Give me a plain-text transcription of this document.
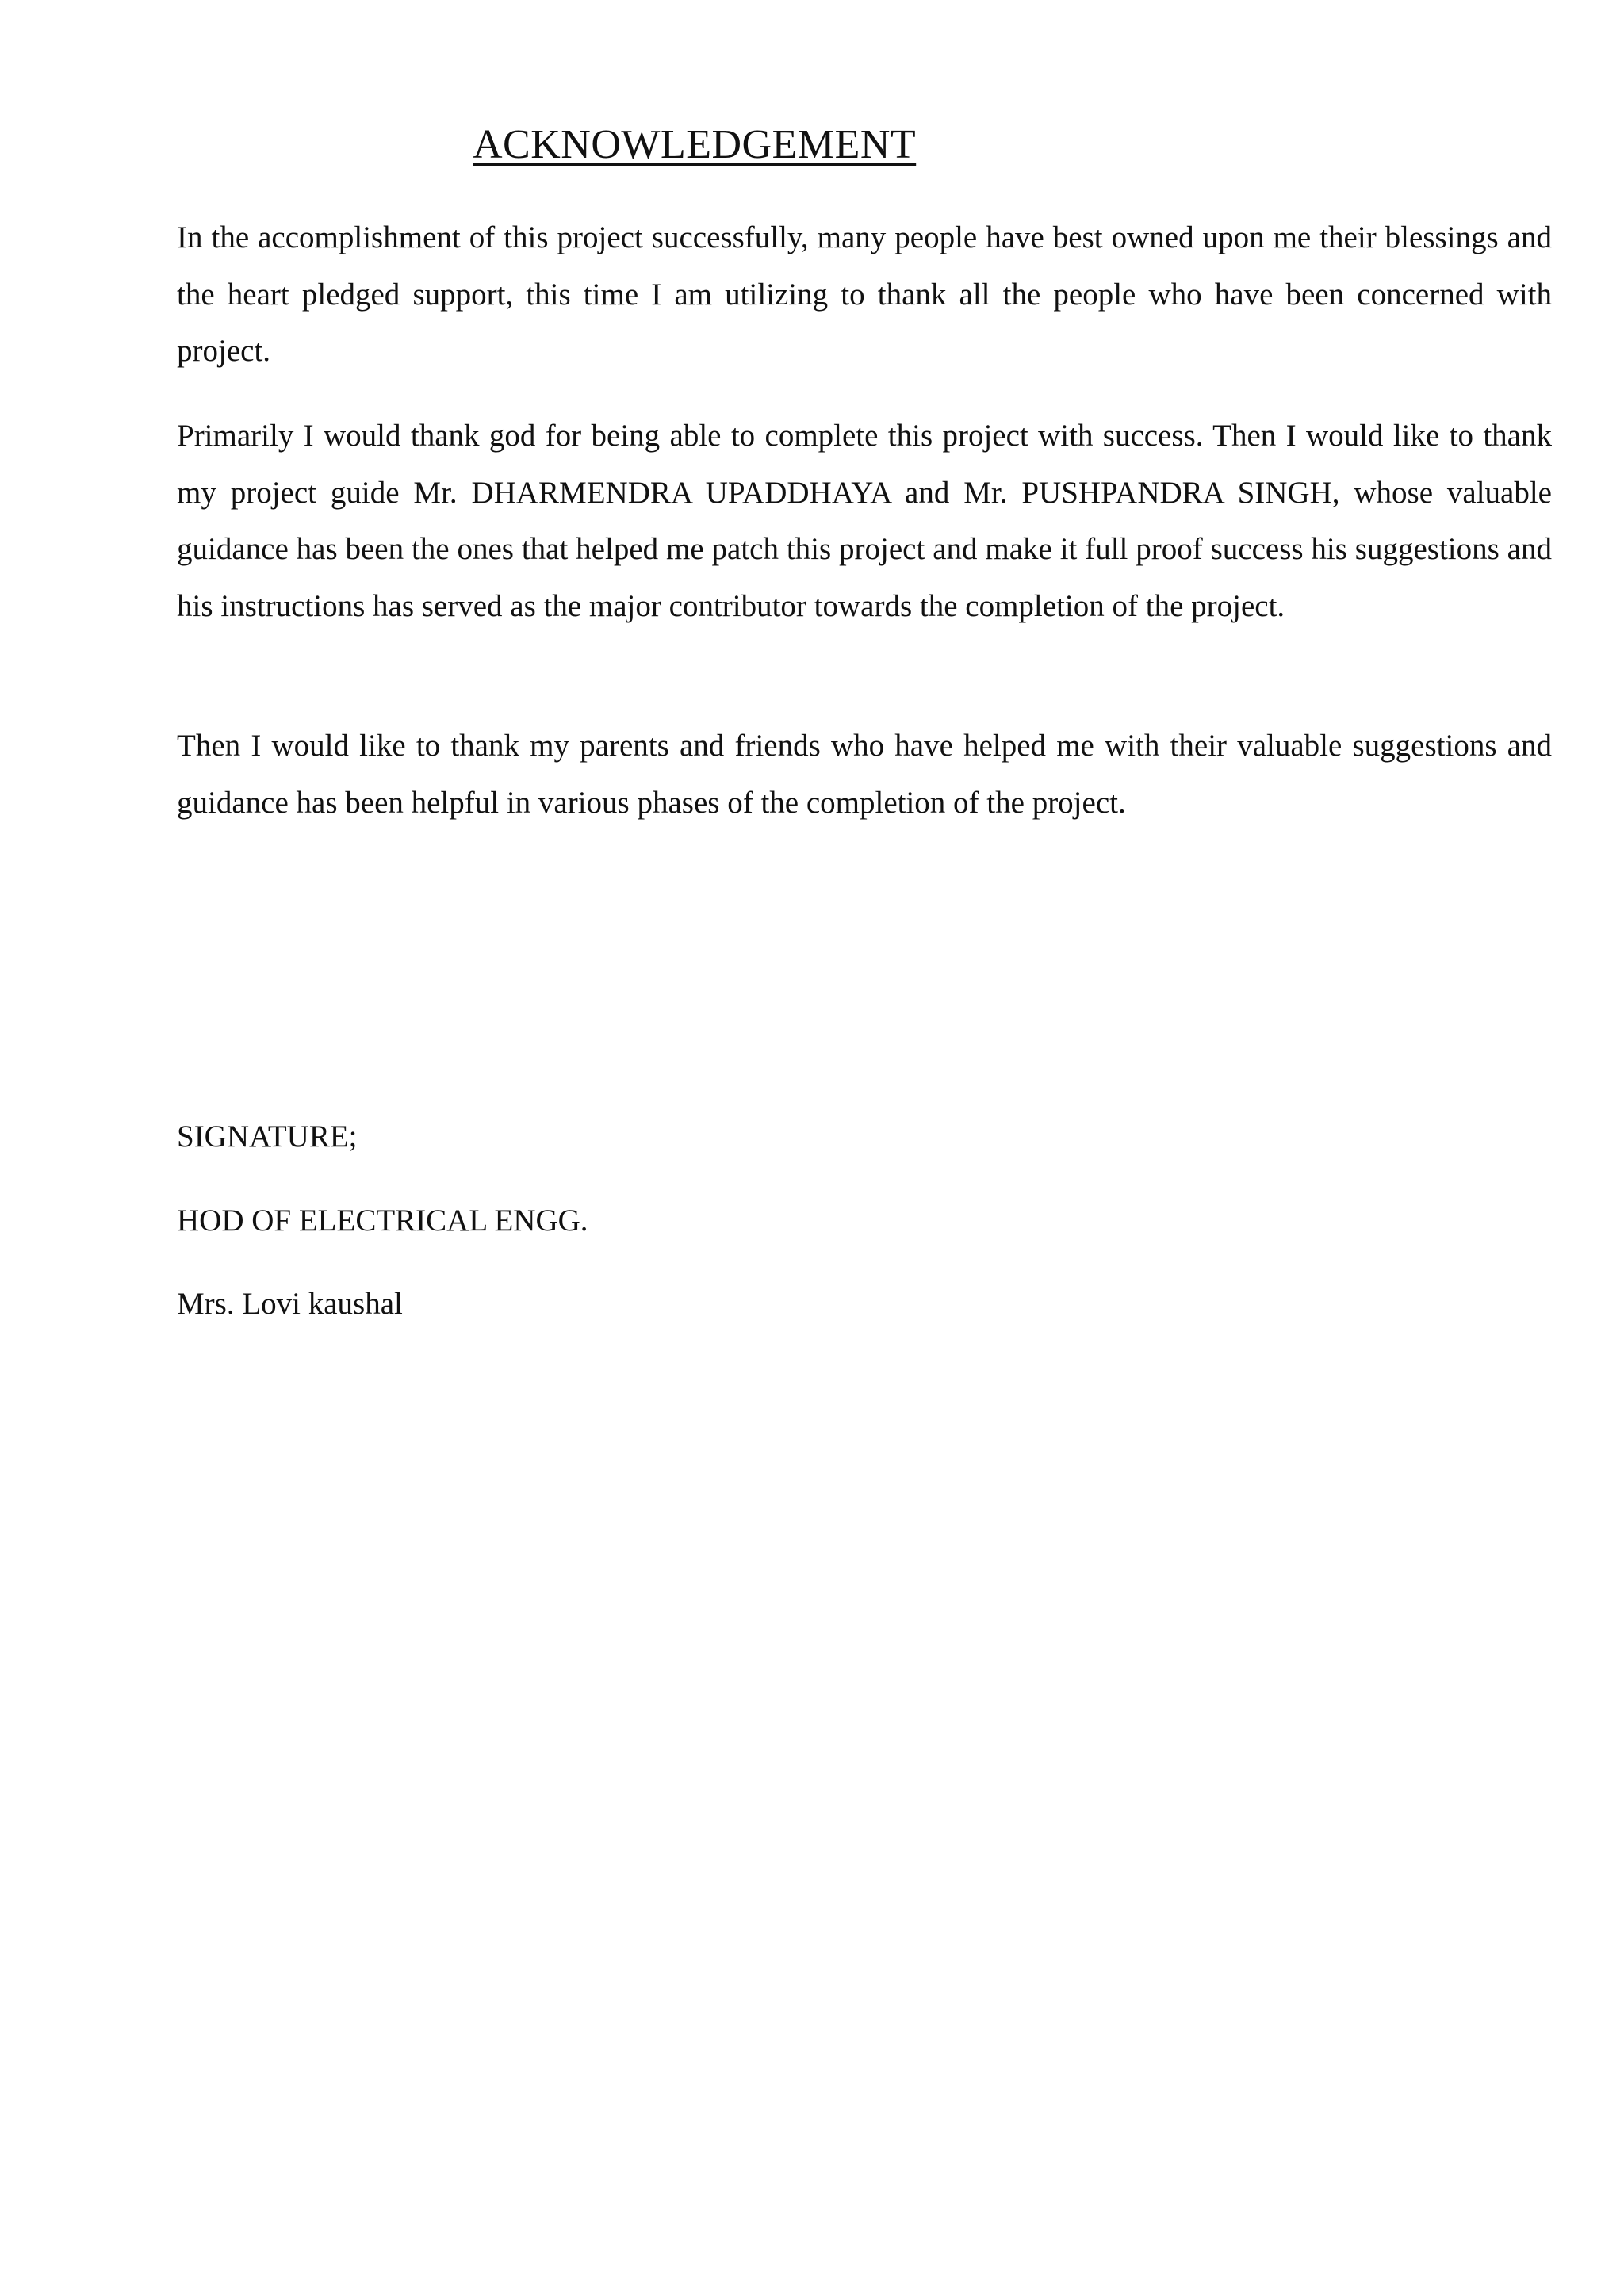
ACKNOWLEDGEMENT

In the accomplishment of this project successfully, many people have best owned upon me their blessings and the heart pledged support, this time I am utilizing to thank all the people who have been concerned with project.

Primarily I would thank god for being able to complete this project with success. Then I would like to thank my project guide Mr. DHARMENDRA UPADDHAYA and Mr. PUSHPANDRA SINGH, whose valuable guidance has been the ones that helped me patch this project and make it full proof success his suggestions and his instructions has served as the major contributor towards the completion of the project.

Then I would like to thank my parents and friends who have helped me with their valuable suggestions and guidance has been helpful in various phases of the completion of the project.

SIGNATURE;

HOD OF ELECTRICAL ENGG.

Mrs. Lovi kaushal
